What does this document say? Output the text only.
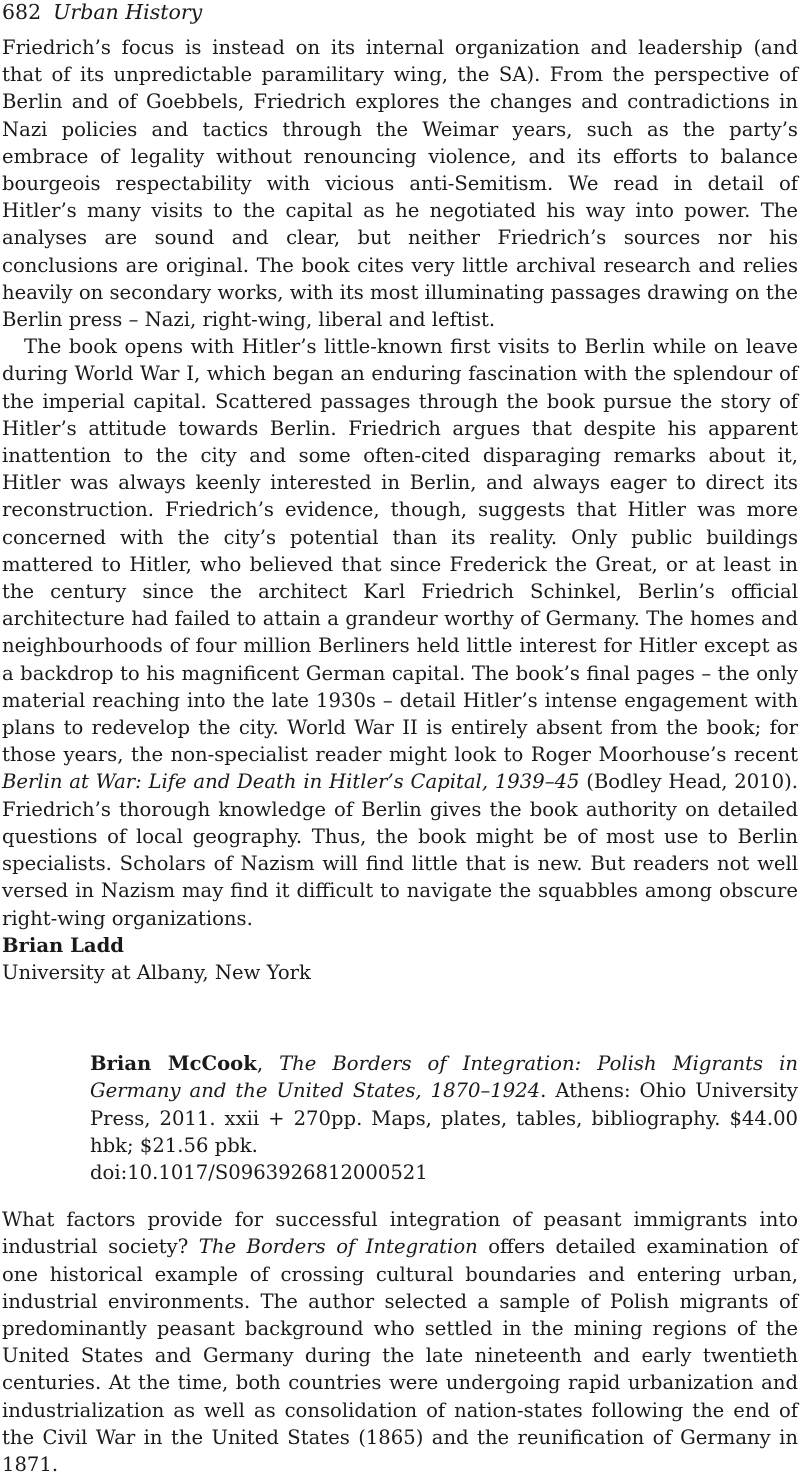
682 Urban History

Friedrich’s focus is instead on its internal organization and leadership (and that of its unpredictable paramilitary wing, the SA). From the perspective of Berlin and of Goebbels, Friedrich explores the changes and contradictions in Nazi policies and tactics through the Weimar years, such as the party’s embrace of legality without renouncing violence, and its efforts to balance bourgeois respectability with vicious anti-Semitism. We read in detail of Hitler’s many visits to the capital as he negotiated his way into power. The analyses are sound and clear, but neither Friedrich’s sources nor his conclusions are original. The book cites very little archival research and relies heavily on secondary works, with its most illuminating passages drawing on the Berlin press – Nazi, right-wing, liberal and leftist.

The book opens with Hitler’s little-known first visits to Berlin while on leave during World War I, which began an enduring fascination with the splendour of the imperial capital. Scattered passages through the book pursue the story of Hitler’s attitude towards Berlin. Friedrich argues that despite his apparent inattention to the city and some often-cited disparaging remarks about it, Hitler was always keenly interested in Berlin, and always eager to direct its reconstruction. Friedrich’s evidence, though, suggests that Hitler was more concerned with the city’s potential than its reality. Only public buildings mattered to Hitler, who believed that since Frederick the Great, or at least in the century since the architect Karl Friedrich Schinkel, Berlin’s official architecture had failed to attain a grandeur worthy of Germany. The homes and neighbourhoods of four million Berliners held little interest for Hitler except as a backdrop to his magnificent German capital. The book’s final pages – the only material reaching into the late 1930s – detail Hitler’s intense engagement with plans to redevelop the city. World War II is entirely absent from the book; for those years, the non-specialist reader might look to Roger Moorhouse’s recent Berlin at War: Life and Death in Hitler’s Capital, 1939–45 (Bodley Head, 2010). Friedrich’s thorough knowledge of Berlin gives the book authority on detailed questions of local geography. Thus, the book might be of most use to Berlin specialists. Scholars of Nazism will find little that is new. But readers not well versed in Nazism may find it difficult to navigate the squabbles among obscure right-wing organizations.

Brian Ladd
University at Albany, New York
Brian McCook, The Borders of Integration: Polish Migrants in Germany and the United States, 1870–1924. Athens: Ohio University Press, 2011. xxii + 270pp. Maps, plates, tables, bibliography. $44.00 hbk; $21.56 pbk.
doi:10.1017/S0963926812000521

What factors provide for successful integration of peasant immigrants into industrial society? The Borders of Integration offers detailed examination of one historical example of crossing cultural boundaries and entering urban, industrial environments. The author selected a sample of Polish migrants of predominantly peasant background who settled in the mining regions of the United States and Germany during the late nineteenth and early twentieth centuries. At the time, both countries were undergoing rapid urbanization and industrialization as well as consolidation of nation-states following the end of the Civil War in the United States (1865) and the reunification of Germany in 1871.
